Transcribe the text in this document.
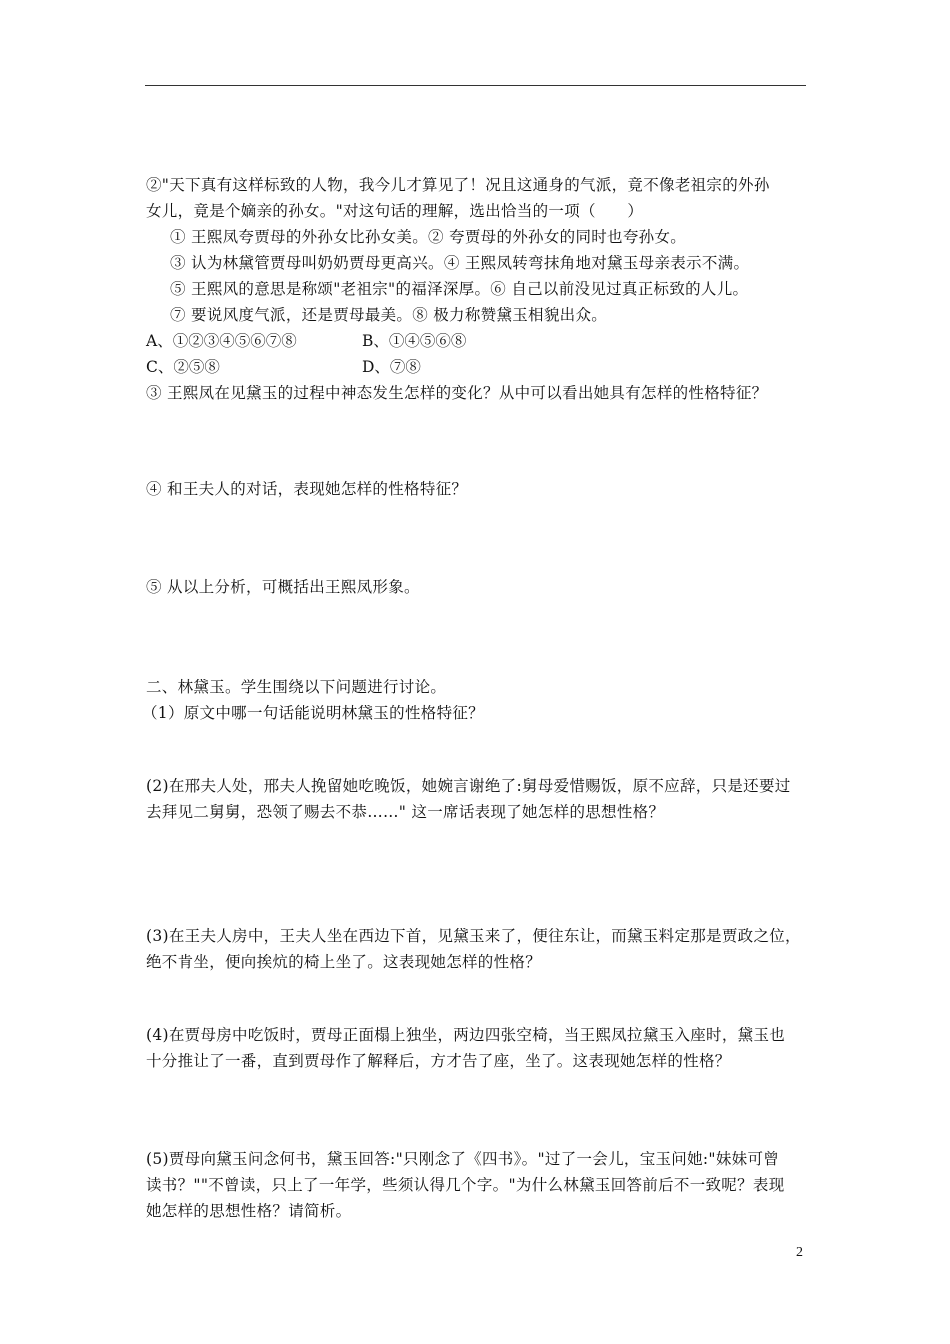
②"天下真有这样标致的人物，我今儿才算见了！况且这通身的气派，竟不像老祖宗的外孙
女儿，竟是个嫡亲的孙女。"对这句话的理解，选出恰当的一项（　　）
① 王熙凤夸贾母的外孙女比孙女美。② 夸贾母的外孙女的同时也夸孙女。
③ 认为林黛管贾母叫奶奶贾母更高兴。④ 王熙凤转弯抹角地对黛玉母亲表示不满。
⑤ 王熙风的意思是称颂"老祖宗"的福泽深厚。⑥ 自己以前没见过真正标致的人儿。
⑦ 要说风度气派，还是贾母最美。⑧ 极力称赞黛玉相貌出众。
A、①②③④⑤⑥⑦⑧	B、①④⑤⑥⑧
C、②⑤⑧	D、⑦⑧
③ 王熙凤在见黛玉的过程中神态发生怎样的变化？从中可以看出她具有怎样的性格特征？
④ 和王夫人的对话，表现她怎样的性格特征？
⑤ 从以上分析，可概括出王熙凤形象。
二、林黛玉。学生围绕以下问题进行讨论。
（1）原文中哪一句话能说明林黛玉的性格特征？
(2)在邢夫人处，邢夫人挽留她吃晚饭，她婉言谢绝了:舅母爱惜赐饭，原不应辞，只是还要过
去拜见二舅舅，恐领了赐去不恭……" 这一席话表现了她怎样的思想性格？
(3)在王夫人房中，王夫人坐在西边下首，见黛玉来了，便往东让，而黛玉料定那是贾政之位，
绝不肯坐，便向挨炕的椅上坐了。这表现她怎样的性格？
(4)在贾母房中吃饭时，贾母正面榻上独坐，两边四张空椅，当王熙凤拉黛玉入座时，黛玉也
十分推让了一番，直到贾母作了解释后，方才告了座，坐了。这表现她怎样的性格？
(5)贾母向黛玉问念何书，黛玉回答:"只刚念了《四书》。"过了一会儿，宝玉问她:"妹妹可曾
读书？""不曾读，只上了一年学，些须认得几个字。"为什么林黛玉回答前后不一致呢？表现
她怎样的思想性格？请简析。
2
